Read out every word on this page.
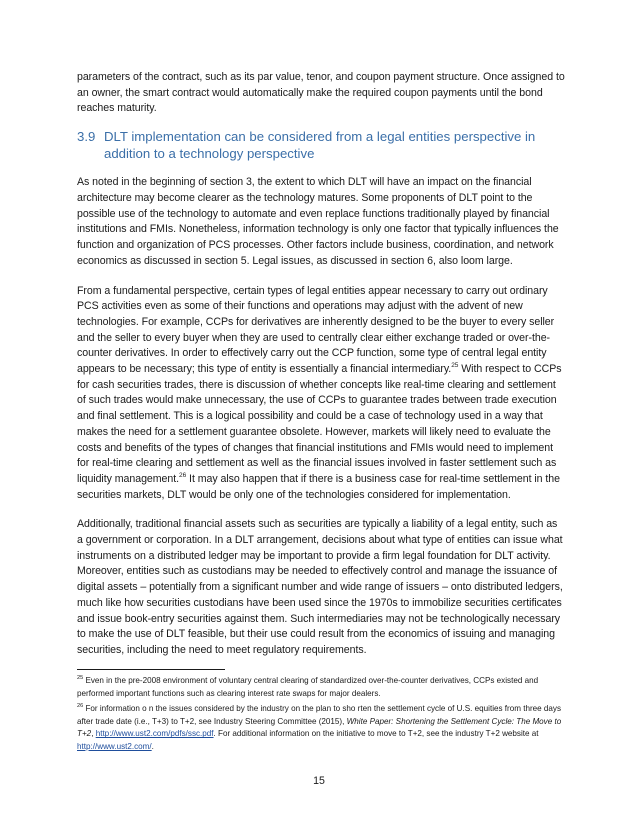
parameters of the contract, such as its par value, tenor, and coupon payment structure. Once assigned to an owner, the smart contract would automatically make the required coupon payments until the bond reaches maturity.

3.9 DLT implementation can be considered from a legal entities perspective in addition to a technology perspective

As noted in the beginning of section 3, the extent to which DLT will have an impact on the financial architecture may become clearer as the technology matures. Some proponents of DLT point to the possible use of the technology to automate and even replace functions traditionally played by financial institutions and FMIs. Nonetheless, information technology is only one factor that typically influences the function and organization of PCS processes. Other factors include business, coordination, and network economics as discussed in section 5. Legal issues, as discussed in section 6, also loom large.

From a fundamental perspective, certain types of legal entities appear necessary to carry out ordinary PCS activities even as some of their functions and operations may adjust with the advent of new technologies. For example, CCPs for derivatives are inherently designed to be the buyer to every seller and the seller to every buyer when they are used to centrally clear either exchange traded or over-the-counter derivatives. In order to effectively carry out the CCP function, some type of central legal entity appears to be necessary; this type of entity is essentially a financial intermediary.$^{25}$ With respect to CCPs for cash securities trades, there is discussion of whether concepts like real-time clearing and settlement of such trades would make unnecessary, the use of CCPs to guarantee trades between trade execution and final settlement. This is a logical possibility and could be a case of technology used in a way that makes the need for a settlement guarantee obsolete. However, markets will likely need to evaluate the costs and benefits of the types of changes that financial institutions and FMIs would need to implement for real-time clearing and settlement as well as the financial issues involved in faster settlement such as liquidity management.$^{26}$ It may also happen that if there is a business case for real-time settlement in the securities markets, DLT would be only one of the technologies considered for implementation.

Additionally, traditional financial assets such as securities are typically a liability of a legal entity, such as a government or corporation. In a DLT arrangement, decisions about what type of entities can issue what instruments on a distributed ledger may be important to provide a firm legal foundation for DLT activity. Moreover, entities such as custodians may be needed to effectively control and manage the issuance of digital assets – potentially from a significant number and wide range of issuers – onto distributed ledgers, much like how securities custodians have been used since the 1970s to immobilize securities certificates and issue book-entry securities against them. Such intermediaries may not be technologically necessary to make the use of DLT feasible, but their use could result from the economics of issuing and managing securities, including the need to meet regulatory requirements.

$^{25}$ Even in the pre-2008 environment of voluntary central clearing of standardized over-the-counter derivatives, CCPs existed and performed important functions such as clearing interest rate swaps for major dealers.

$^{26}$ For information o n the issues considered by the industry on the plan to sho rten the settlement cycle of U.S. equities from three days after trade date (i.e., T+3) to T+2, see Industry Steering Committee (2015), White Paper: Shortening the Settlement Cycle: The Move to T+2, http://www.ust2.com/pdfs/ssc.pdf. For additional information on the initiative to move to T+2, see the industry T+2 website at http://www.ust2.com/.

15
